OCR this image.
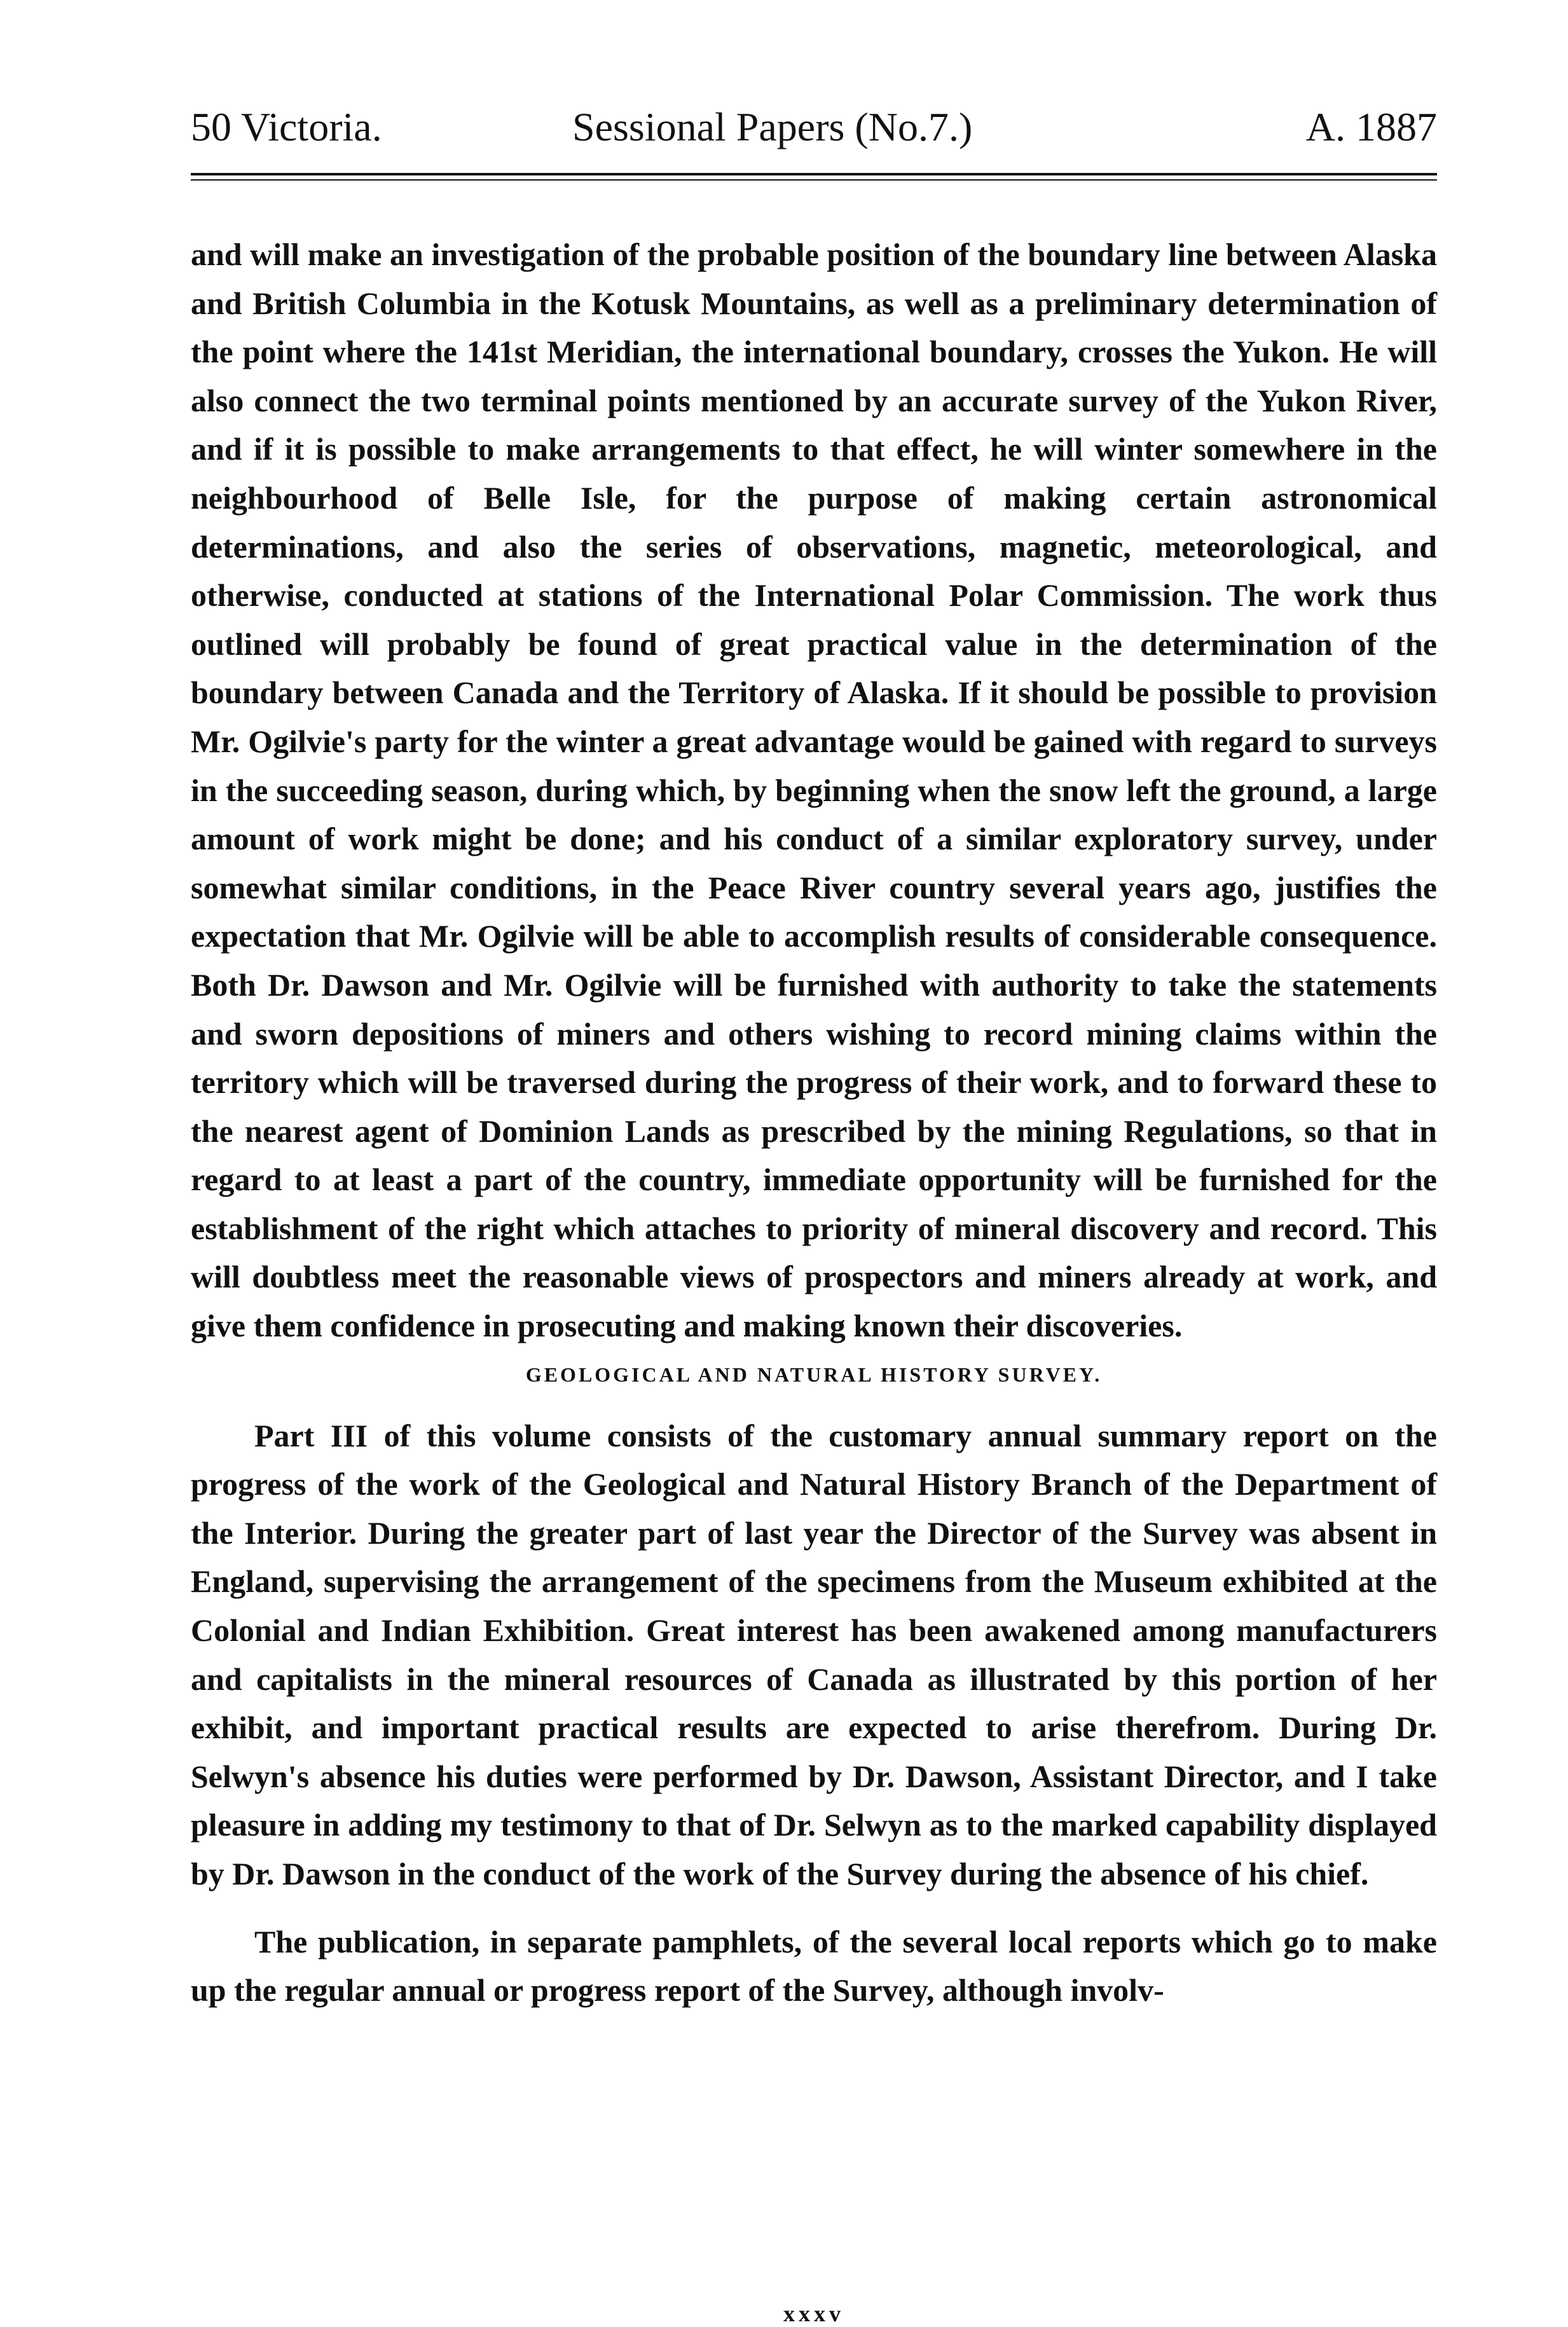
50 Victoria.	Sessional Papers (No.7.)	A. 1887

and will make an investigation of the probable position of the boundary line between Alaska and British Columbia in the Kotusk Mountains, as well as a preliminary determination of the point where the 141st Meridian, the international boundary, crosses the Yukon. He will also connect the two terminal points mentioned by an accurate survey of the Yukon River, and if it is possible to make arrangements to that effect, he will winter somewhere in the neighbourhood of Belle Isle, for the purpose of making certain astronomical determinations, and also the series of observations, magnetic, meteorological, and otherwise, conducted at stations of the International Polar Commission. The work thus outlined will probably be found of great practical value in the determination of the boundary between Canada and the Territory of Alaska. If it should be possible to provision Mr. Ogilvie's party for the winter a great advantage would be gained with regard to surveys in the succeeding season, during which, by beginning when the snow left the ground, a large amount of work might be done; and his conduct of a similar exploratory survey, under somewhat similar conditions, in the Peace River country several years ago, justifies the expectation that Mr. Ogilvie will be able to accomplish results of considerable consequence. Both Dr. Dawson and Mr. Ogilvie will be furnished with authority to take the statements and sworn depositions of miners and others wishing to record mining claims within the territory which will be traversed during the progress of their work, and to forward these to the nearest agent of Dominion Lands as prescribed by the mining Regulations, so that in regard to at least a part of the country, immediate opportunity will be furnished for the establishment of the right which attaches to priority of mineral discovery and record. This will doubtless meet the reasonable views of prospectors and miners already at work, and give them confidence in prosecuting and making known their discoveries.

GEOLOGICAL AND NATURAL HISTORY SURVEY.

Part III of this volume consists of the customary annual summary report on the progress of the work of the Geological and Natural History Branch of the Department of the Interior. During the greater part of last year the Director of the Survey was absent in England, supervising the arrangement of the specimens from the Museum exhibited at the Colonial and Indian Exhibition. Great interest has been awakened among manufacturers and capitalists in the mineral resources of Canada as illustrated by this portion of her exhibit, and important practical results are expected to arise therefrom. During Dr. Selwyn's absence his duties were performed by Dr. Dawson, Assistant Director, and I take pleasure in adding my testimony to that of Dr. Selwyn as to the marked capability displayed by Dr. Dawson in the conduct of the work of the Survey during the absence of his chief.

The publication, in separate pamphlets, of the several local reports which go to make up the regular annual or progress report of the Survey, although involv-

xxxv
